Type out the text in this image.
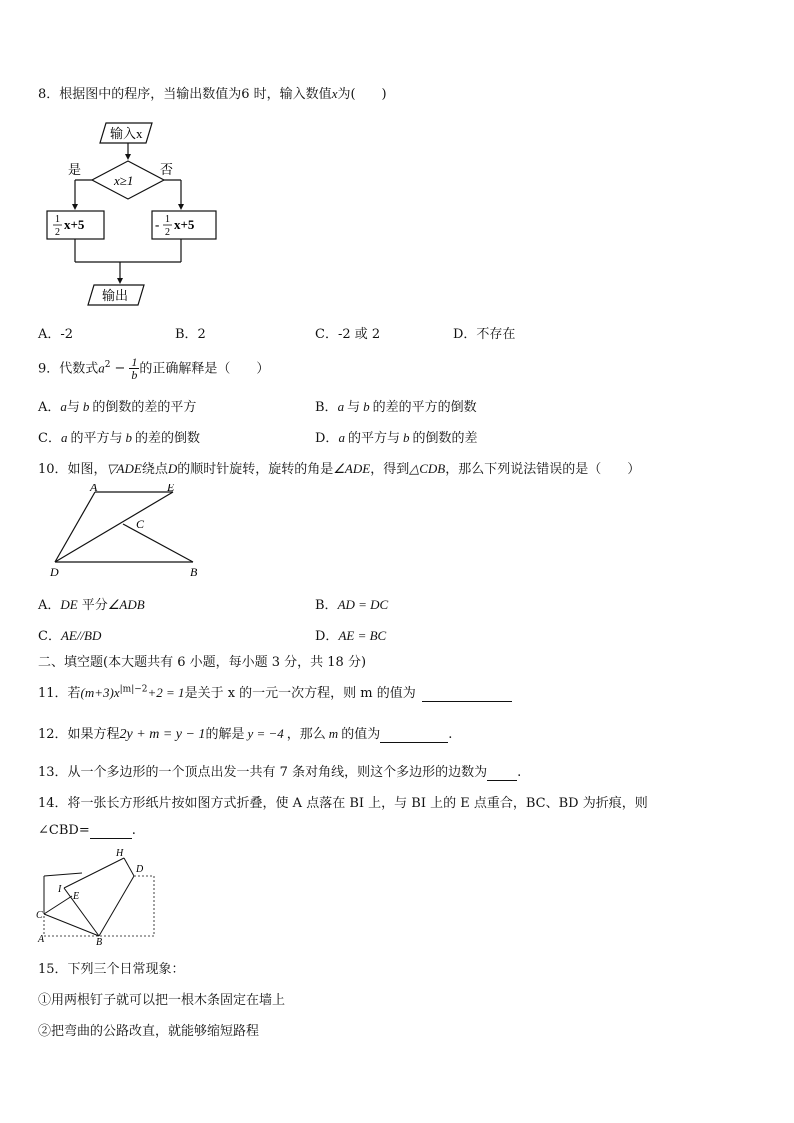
8．根据图中的程序，当输出数值为6 时，输入数值x为( )
输入x
x≥1
是	否
1
2
x+5	- 1
2
x+5
输出
A．-2	B．2	C．-2 或 2	D．不存在
9．代数式$a^2 - \frac{1}{b}$ 的正确解释是（　　）
A．a与 b 的倒数的差的平方	B．a 与 b 的差的平方的倒数
C．a 的平方与 b 的差的倒数	D．a 的平方与 b 的倒数的差
10．如图，▽ADE绕点D的顺时针旋转，旋转的角是∠ADE，得到△CDB，那么下列说法错误的是（　　）
A	E
C
D	B
A．DE 平分∠ADB	B．AD = DC
C．AE//BD	D．AE = BC
二、填空题(本大题共有 6 小题，每小题 3 分，共 18 分)
11．若$(m+3)x^{|m|-2}+2 = 1$是关于 x 的一元一次方程，则 m 的值为
12．如果方程2y + m = y − 1的解是 y = −4 ，那么 m 的值为	.
13．从一个多边形的一个顶点出发一共有 7 条对角线，则这个多边形的边数为 .
14．将一张长方形纸片按如图方式折叠，使 A 点落在 BI 上，与 BI 上的 E 点重合，BC、BD 为折痕，则
∠CBD=	.
H
D
I
E
C
A	B
15．下列三个日常现象：
①用两根钉子就可以把一根木条固定在墙上
②把弯曲的公路改直，就能够缩短路程
